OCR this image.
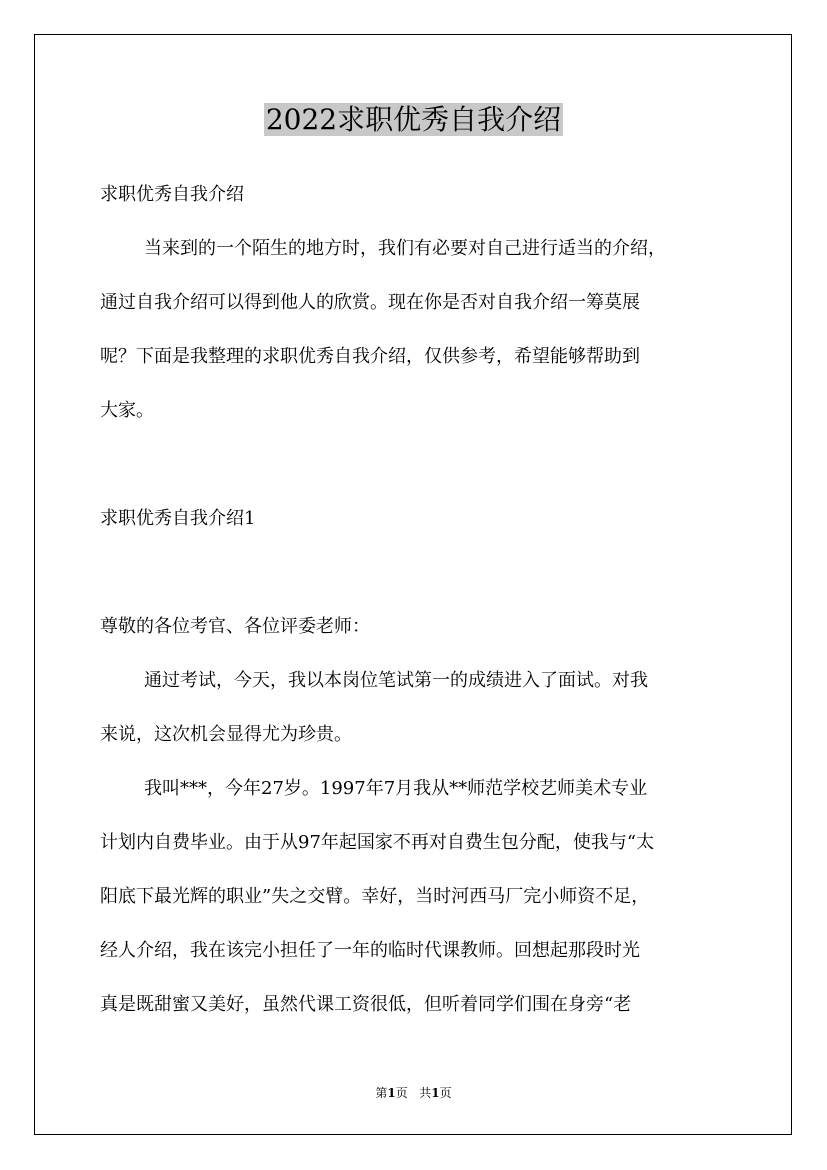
2022求职优秀自我介绍

求职优秀自我介绍

当来到的一个陌生的地方时，我们有必要对自己进行适当的介绍，

通过自我介绍可以得到他人的欣赏。现在你是否对自我介绍一筹莫展

呢？下面是我整理的求职优秀自我介绍，仅供参考，希望能够帮助到

大家。

求职优秀自我介绍1

尊敬的各位考官、各位评委老师：

通过考试，今天，我以本岗位笔试第一的成绩进入了面试。对我

来说，这次机会显得尤为珍贵。

我叫***，今年27岁。1997年7月我从**师范学校艺师美术专业

计划内自费毕业。由于从97年起国家不再对自费生包分配，使我与“太

阳底下最光辉的职业”失之交臂。幸好，当时河西马厂完小师资不足，

经人介绍，我在该完小担任了一年的临时代课教师。回想起那段时光

真是既甜蜜又美好，虽然代课工资很低，但听着同学们围在身旁“老

第1页 共1页
